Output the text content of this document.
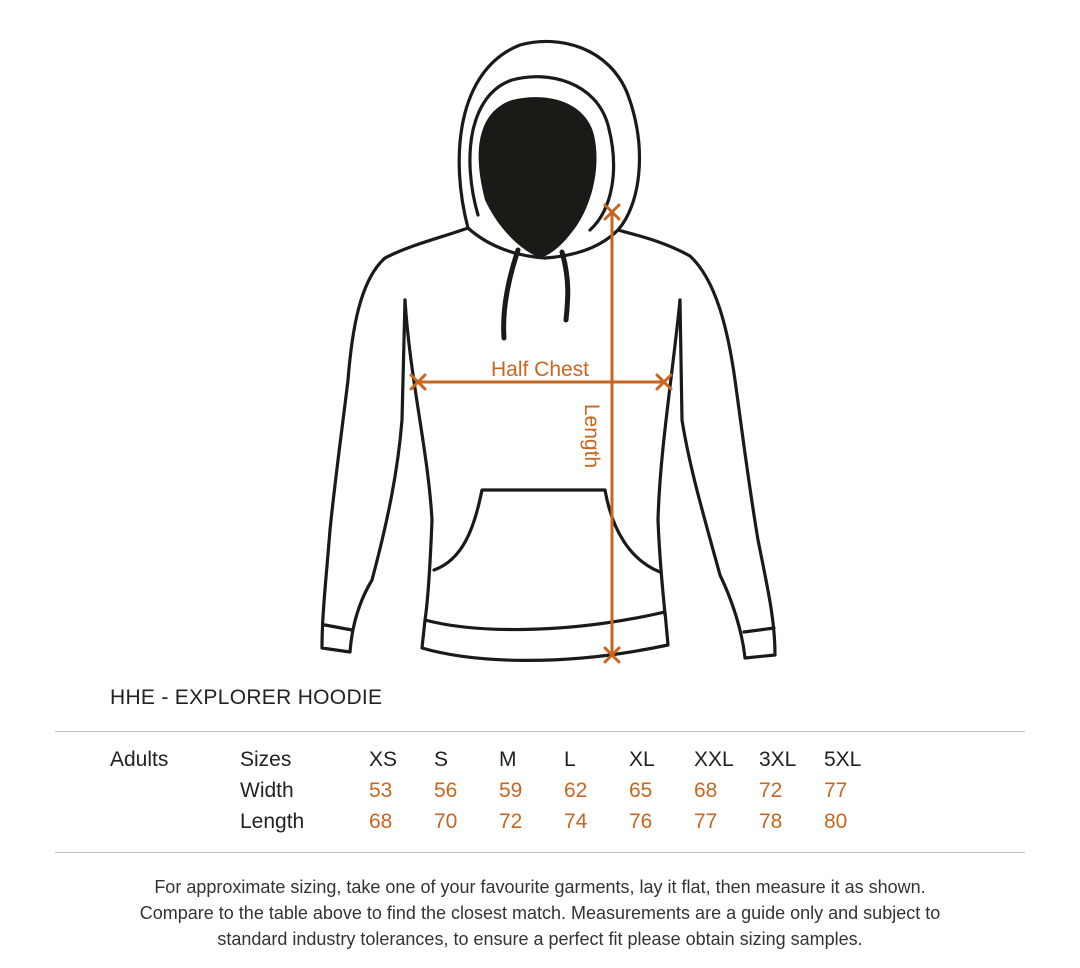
Half Chest
Length
HHE - EXPLORER HOODIE
Adults	Sizes	XS S M L	XL XXL 3XL 5XL
Width	53 56 59 62 65 68 72 77
Length	68 70 72 74 76 77 78 80

For approximate sizing, take one of your favourite garments, lay it flat, then measure it as shown.

Compare to the table above to find the closest match. Measurements are a guide only and subject to

standard industry tolerances, to ensure a perfect fit please obtain sizing samples.
